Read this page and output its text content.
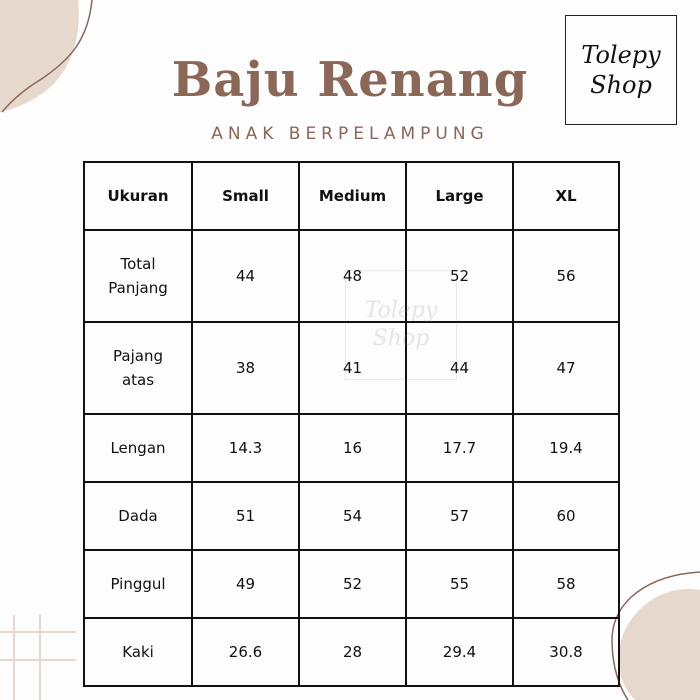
Baju Renang
ANAK BERPELAMPUNG
Tolepy
Shop
Ukuran	Small	Medium	Large	XL
Total
Panjang	44	48	52	56
Pajang
atas	38	41	44	47
Lengan	14.3	16	17.7	19.4
Dada	51	54	57	60
Pinggul	49	52	55	58
Kaki	26.6	28	29.4	30.8
Tolepy
Shop
